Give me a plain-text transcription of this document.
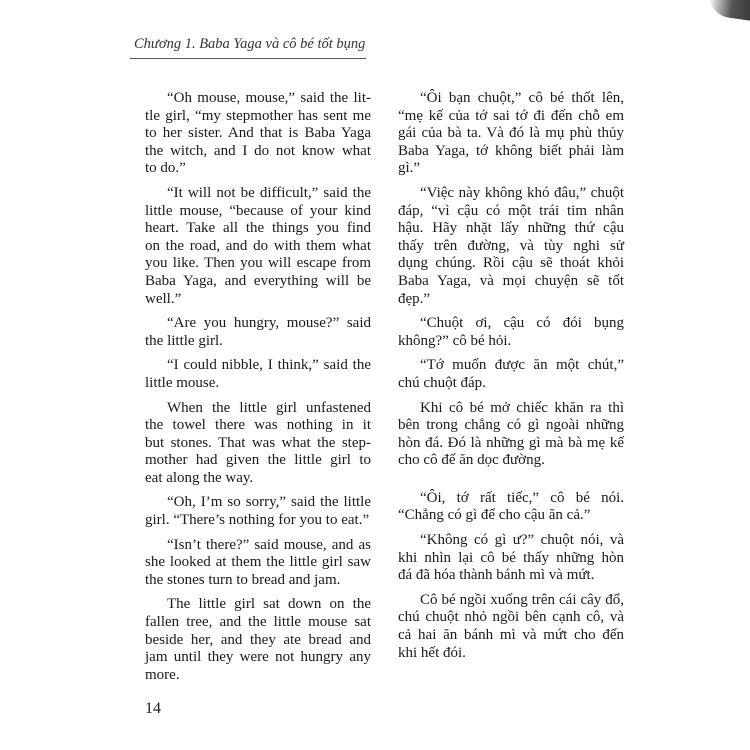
Chương 1. Baba Yaga và cô bé tốt bụng
“Oh mouse, mouse,” said the lit-
tle girl, “my stepmother has sent me
to her sister. And that is Baba Yaga
the witch, and I do not know what
to do.”
“It will not be difficult,” said the
little mouse, “because of your kind
heart. Take all the things you find
on the road, and do with them what
you like. Then you will escape from
Baba Yaga, and everything will be
well.”
“Are you hungry, mouse?” said
the little girl.
“I could nibble, I think,” said the
little mouse.
When the little girl unfastened
the towel there was nothing in it
but stones. That was what the step-
mother had given the little girl to
eat along the way.
“Oh, I’m so sorry,” said the little
girl. “There’s nothing for you to eat.”
“Isn’t there?” said mouse, and as
she looked at them the little girl saw
the stones turn to bread and jam.
The little girl sat down on the
fallen tree, and the little mouse sat
beside her, and they ate bread and
jam until they were not hungry any
more.
“Ôi bạn chuột,” cô bé thốt lên,
“mẹ kế của tớ sai tớ đi đến chỗ em
gái của bà ta. Và đó là mụ phù thủy
Baba Yaga, tớ không biết phải làm
gì.”
“Việc này không khó đâu,” chuột
đáp, “vì cậu có một trái tim nhân
hậu. Hãy nhặt lấy những thứ cậu
thấy trên đường, và tùy nghi sử
dụng chúng. Rồi cậu sẽ thoát khỏi
Baba Yaga, và mọi chuyện sẽ tốt
đẹp.”
“Chuột ơi, cậu có đói bụng
không?” cô bé hỏi.
“Tớ muốn được ăn một chút,”
chú chuột đáp.
Khi cô bé mở chiếc khăn ra thì
bên trong chẳng có gì ngoài những
hòn đá. Đó là những gì mà bà mẹ kế
cho cô để ăn dọc đường.
“Ôi, tớ rất tiếc,” cô bé nói.
“Chẳng có gì để cho cậu ăn cả.”
“Không có gì ư?” chuột nói, và
khi nhìn lại cô bé thấy những hòn
đá đã hóa thành bánh mì và mứt.
Cô bé ngồi xuống trên cái cây đổ,
chú chuột nhỏ ngồi bên cạnh cô, và
cả hai ăn bánh mì và mứt cho đến
khi hết đói.
14
